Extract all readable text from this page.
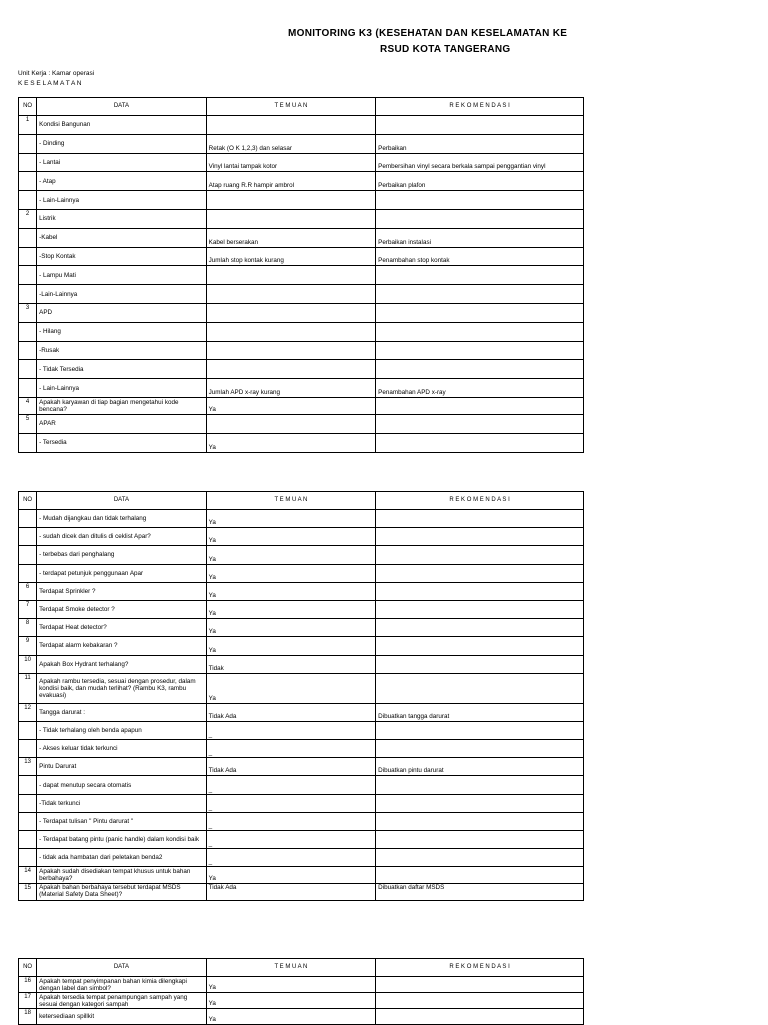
MONITORING K3 (KESEHATAN DAN KESELAMATAN KE
RSUD KOTA TANGERANG
Unit Kerja : Kamar operasi
K E S E L A M A T A N
NO	DATA	T E M U A N	R E K O M E N D A S I
1	Kondisi Bangunan		
	- Dinding	Retak (O K 1,2,3) dan selasar	Perbaikan
	- Lantai	Vinyl lantai tampak kotor	Pembersihan vinyl secara berkala sampai penggantian vinyl
	- Atap	Atap ruang R.R hampir ambrol	Perbaikan plafon
	- Lain-Lainnya		
2	Listrik		
	-Kabel	Kabel berserakan	Perbaikan instalasi
	-Stop Kontak	Jumlah stop kontak kurang	Penambahan stop kontak
	- Lampu Mati		
	-Lain-Lainnya		
3	APD		
	- Hilang		
	-Rusak		
	- Tidak Tersedia		
	- Lain-Lainnya	Jumlah APD x-ray kurang	Penambahan APD x-ray
4	Apakah karyawan di tiap bagian mengetahui kode bencana?	Ya	
5	APAR		
	- Tersedia	Ya	
NO	DATA	T E M U A N	R E K O M E N D A S I
	- Mudah dijangkau dan tidak terhalang	Ya	
	- sudah dicek dan ditulis di ceklist Apar?	Ya	
	- terbebas dari penghalang	Ya	
	- terdapat petunjuk penggunaan Apar	Ya	
6	Terdapat Sprinkler ?	Ya	
7	Terdapat Smoke detector ?	Ya	
8	Terdapat Heat detector?	Ya	
9	Terdapat alarm kebakaran ?	Ya	
10	Apakah Box Hydrant terhalang?	Tidak	
11	Apakah rambu tersedia, sesuai dengan prosedur, dalam kondisi baik, dan mudah terlihat? (Rambu K3, rambu evakuasi)	Ya	
12	Tangga darurat :	Tidak Ada	Dibuatkan tangga darurat
	- Tidak terhalang oleh benda apapun	_	
	- Akses keluar tidak terkunci	_	
13	Pintu Darurat	Tidak Ada	Dibuatkan pintu darurat
	- dapat menutup secara otomatis	_	
	-Tidak terkunci	_	
	- Terdapat tulisan " Pintu darurat "	_	
	- Terdapat batang pintu (panic handle) dalam kondisi baik	_	
	- tidak ada hambatan dari peletakan benda2	_	
14	Apakah sudah disediakan tempat khusus untuk bahan berbahaya?	Ya	
15	Apakah bahan berbahaya tersebut terdapat MSDS (Material Safety Data Sheet)?	Tidak Ada	Dibuatkan daftar MSDS
NO	DATA	T E M U A N	R E K O M E N D A S I
16	Apakah tempat penyimpanan bahan kimia dilengkapi dengan label dan simbol?	Ya	
17	Apakah tersedia tempat penampungan sampah yang sesuai dengan kategori sampah	Ya	
18	ketersediaan spillkit	Ya	
